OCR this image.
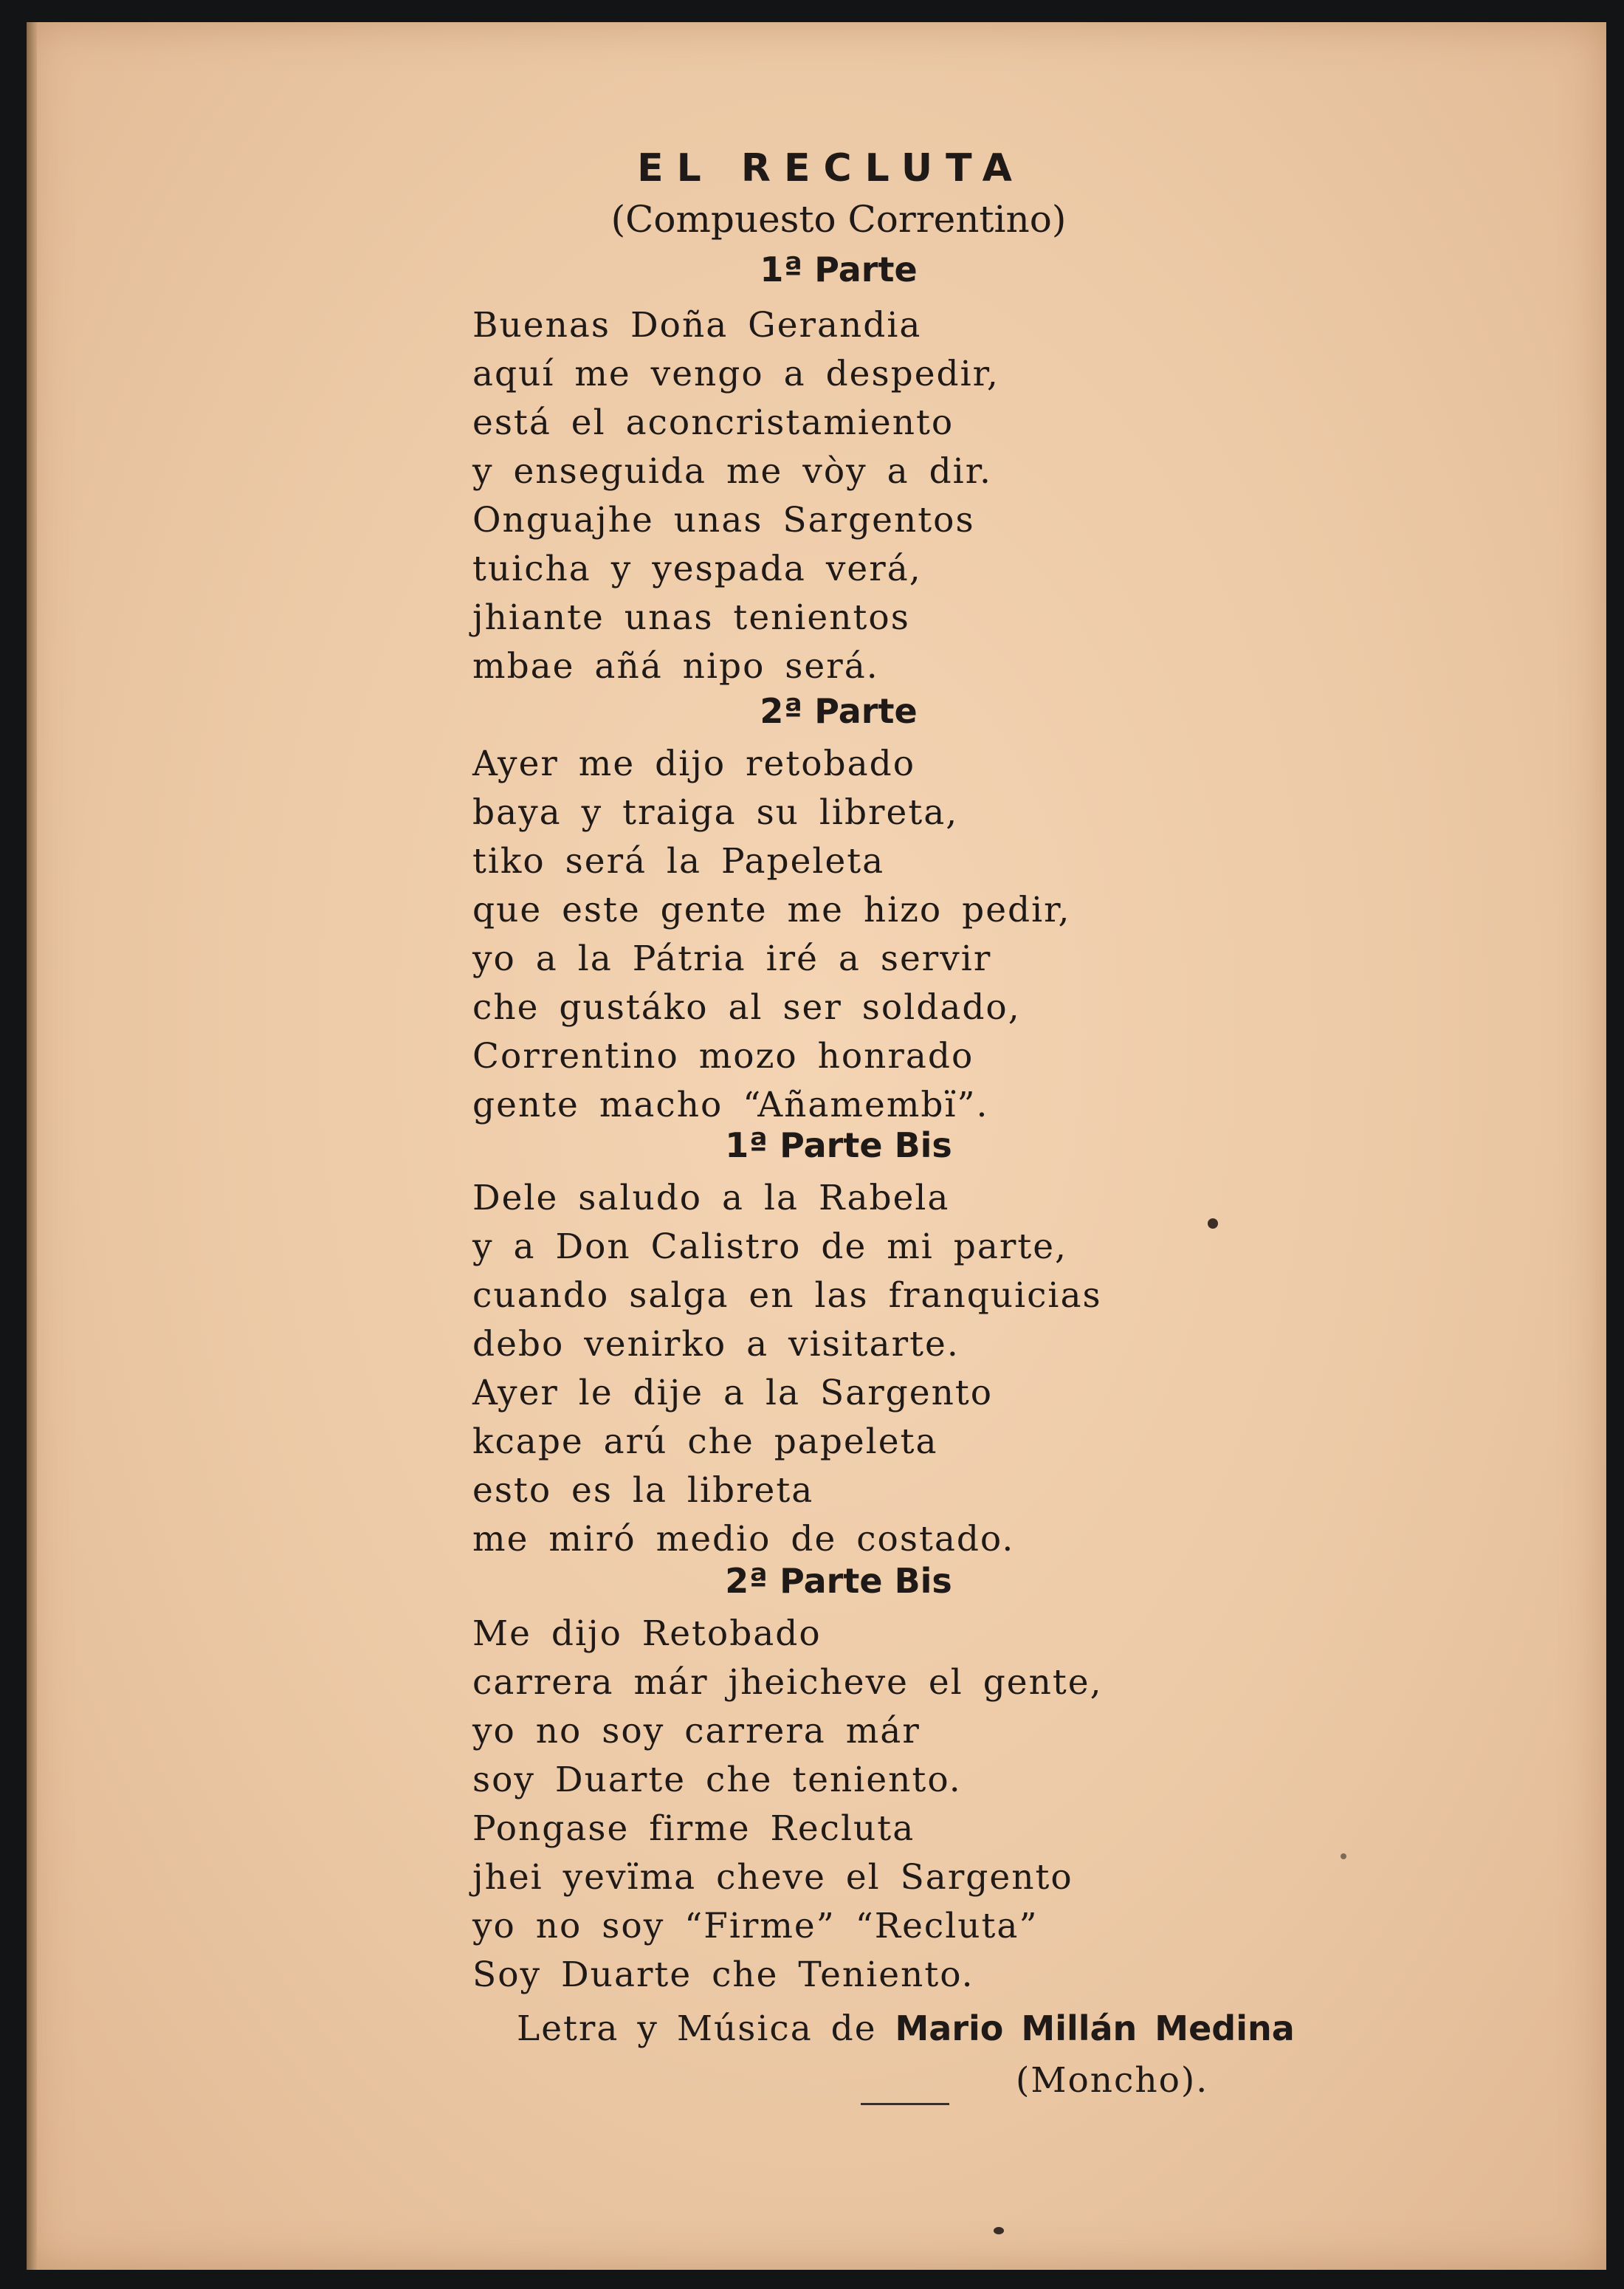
EL RECLUTA
(Compuesto Correntino)
1ª Parte
Buenas Doña Gerandia
aquí me vengo a despedir,
está el aconcristamiento
y enseguida me vòy a dir.
Onguajhe unas Sargentos
tuicha y yespada verá,
jhiante unas tenientos
mbae añá nipo será.
2ª Parte
Ayer me dijo retobado
baya y traiga su libreta,
tiko será la Papeleta
que este gente me hizo pedir,
yo a la Pátria iré a servir
che gustáko al ser soldado,
Correntino mozo honrado
gente macho “Añamembï”.
1ª Parte Bis
Dele saludo a la Rabela
y a Don Calistro de mi parte,
cuando salga en las franquicias
debo venirko a visitarte.
Ayer le dije a la Sargento
kcape arú che papeleta
esto es la libreta
me miró medio de costado.
2ª Parte Bis
Me dijo Retobado
carrera már jheicheve el gente,
yo no soy carrera már
soy Duarte che teniento.
Pongase firme Recluta
jhei yevïma cheve el Sargento
yo no soy “Firme” “Recluta”
Soy Duarte che Teniento.
Letra y Música de Mario Millán Medina
(Moncho).
